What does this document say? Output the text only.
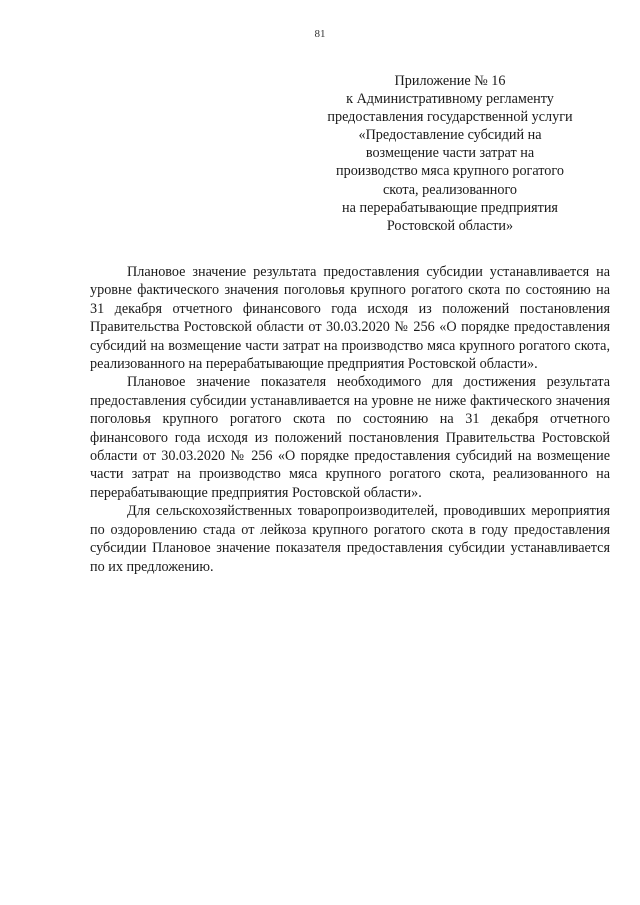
81
Приложение № 16
к Административному регламенту
предоставления государственной услуги
«Предоставление субсидий на
возмещение части затрат на
производство мяса крупного рогатого
скота, реализованного
на перерабатывающие предприятия
Ростовской области»

Плановое значение результата предоставления субсидии устанавливается на уровне фактического значения поголовья крупного рогатого скота по состоянию на 31 декабря отчетного финансового года исходя из положений постановления Правительства Ростовской области от 30.03.2020 № 256 «О порядке предоставления субсидий на возмещение части затрат на производство мяса крупного рогатого скота, реализованного на перерабатывающие предприятия Ростовской области».

Плановое значение показателя необходимого для достижения результата предоставления субсидии устанавливается на уровне не ниже фактического значения поголовья крупного рогатого скота по состоянию на 31 декабря отчетного финансового года исходя из положений постановления Правительства Ростовской области от 30.03.2020 № 256 «О порядке предоставления субсидий на возмещение части затрат на производство мяса крупного рогатого скота, реализованного на перерабатывающие предприятия Ростовской области».

Для сельскохозяйственных товаропроизводителей, проводивших мероприятия по оздоровлению стада от лейкоза крупного рогатого скота в году предоставления субсидии Плановое значение показателя предоставления субсидии устанавливается по их предложению.
